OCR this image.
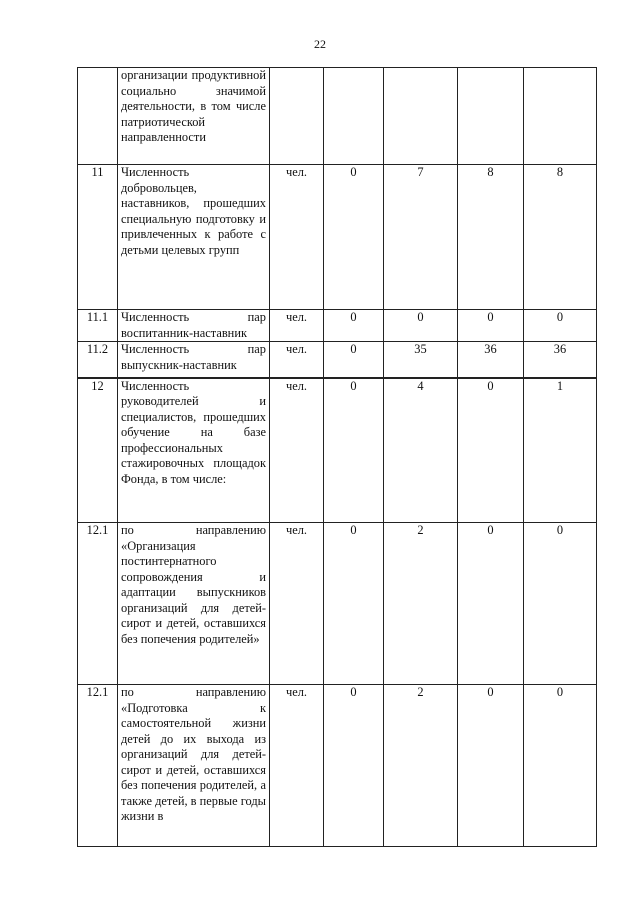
22
	организации продуктивной социально значимой деятельности, в том числе патриотической направленности					
11	Численность добровольцев, наставников, прошедших специальную подготовку и привлеченных к работе с детьми целевых групп	чел.	0	7	8	8
11.1	Численность пар воспитанник-наставник	чел.	0	0	0	0
11.2	Численность пар выпускник-наставник	чел.	0	35	36	36
12	Численность руководителей и специалистов, прошедших обучение на базе профессиональных стажировочных площадок Фонда, в том числе:	чел.	0	4	0	1
12.1	по направлению «Организация постинтернатного сопровождения и адаптации выпускников организаций для детей-сирот и детей, оставшихся без попечения родителей»	чел.	0	2	0	0
12.1	по направлению «Подготовка к самостоятельной жизни детей до их выхода из организаций для детей-сирот и детей, оставшихся без попечения родителей, а также детей, в первые годы жизни в	чел.	0	2	0	0
